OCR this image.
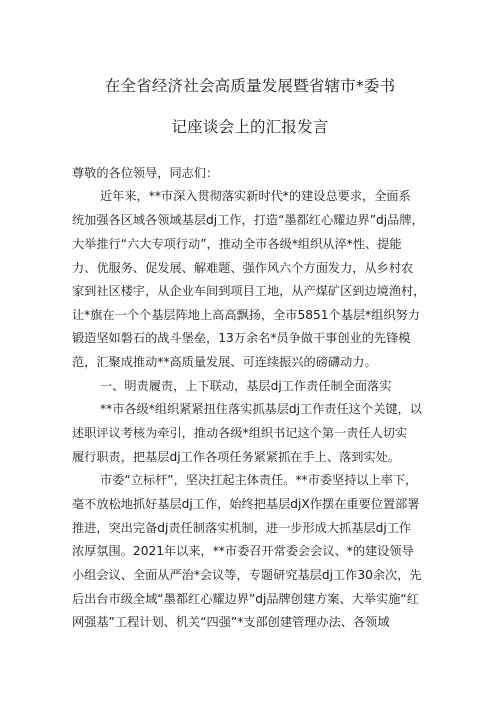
在全省经济社会高质量发展暨省辖市*委书
记座谈会上的汇报发言
尊敬的各位领导，同志们：
近年来，**市深入贯彻落实新时代*的建设总要求，全面系
统加强各区域各领域基层dj工作，打造“墨都红心耀边界”dj品牌，
大举推行“六大专项行动”，推动全市各级*组织从淬*性、提能
力、优服务、促发展、解难题、强作风六个方面发力，从乡村农
家到社区楼宇，从企业车间到项目工地，从产煤矿区到边境渔村，
让*旗在一个个基层阵地上高高飘扬，全市5851个基层*组织努力
锻造坚如磐石的战斗堡垒，13万余名*员争做干事创业的先锋模
范，汇聚成推动**高质量发展、可连续振兴的磅礴动力。
一、明责履责，上下联动，基层dj工作责任制全面落实
**市各级*组织紧紧扭住落实抓基层dj工作责任这个关键，以
述职评议考核为牵引，推动各级*组织书记这个第一责任人切实
履行职责，把基层dj工作各项任务紧紧抓在手上、落到实处。
市委“立标杆”，坚决扛起主体责任。**市委坚持以上率下，
毫不放松地抓好基层dj工作，始终把基层djX作摆在重要位置部署
推进，突出完备dj责任制落实机制，进一步形成大抓基层dj工作
浓厚氛围。2021年以来，**市委召开常委会会议、*的建设领导
小组会议、全面从严治*会议等，专题研究基层dj工作30余次，先
后出台市级全域“墨都红心耀边界”dj品牌创建方案、大举实施“红
网强基”工程计划、机关“四强”*支部创建管理办法、各领域
